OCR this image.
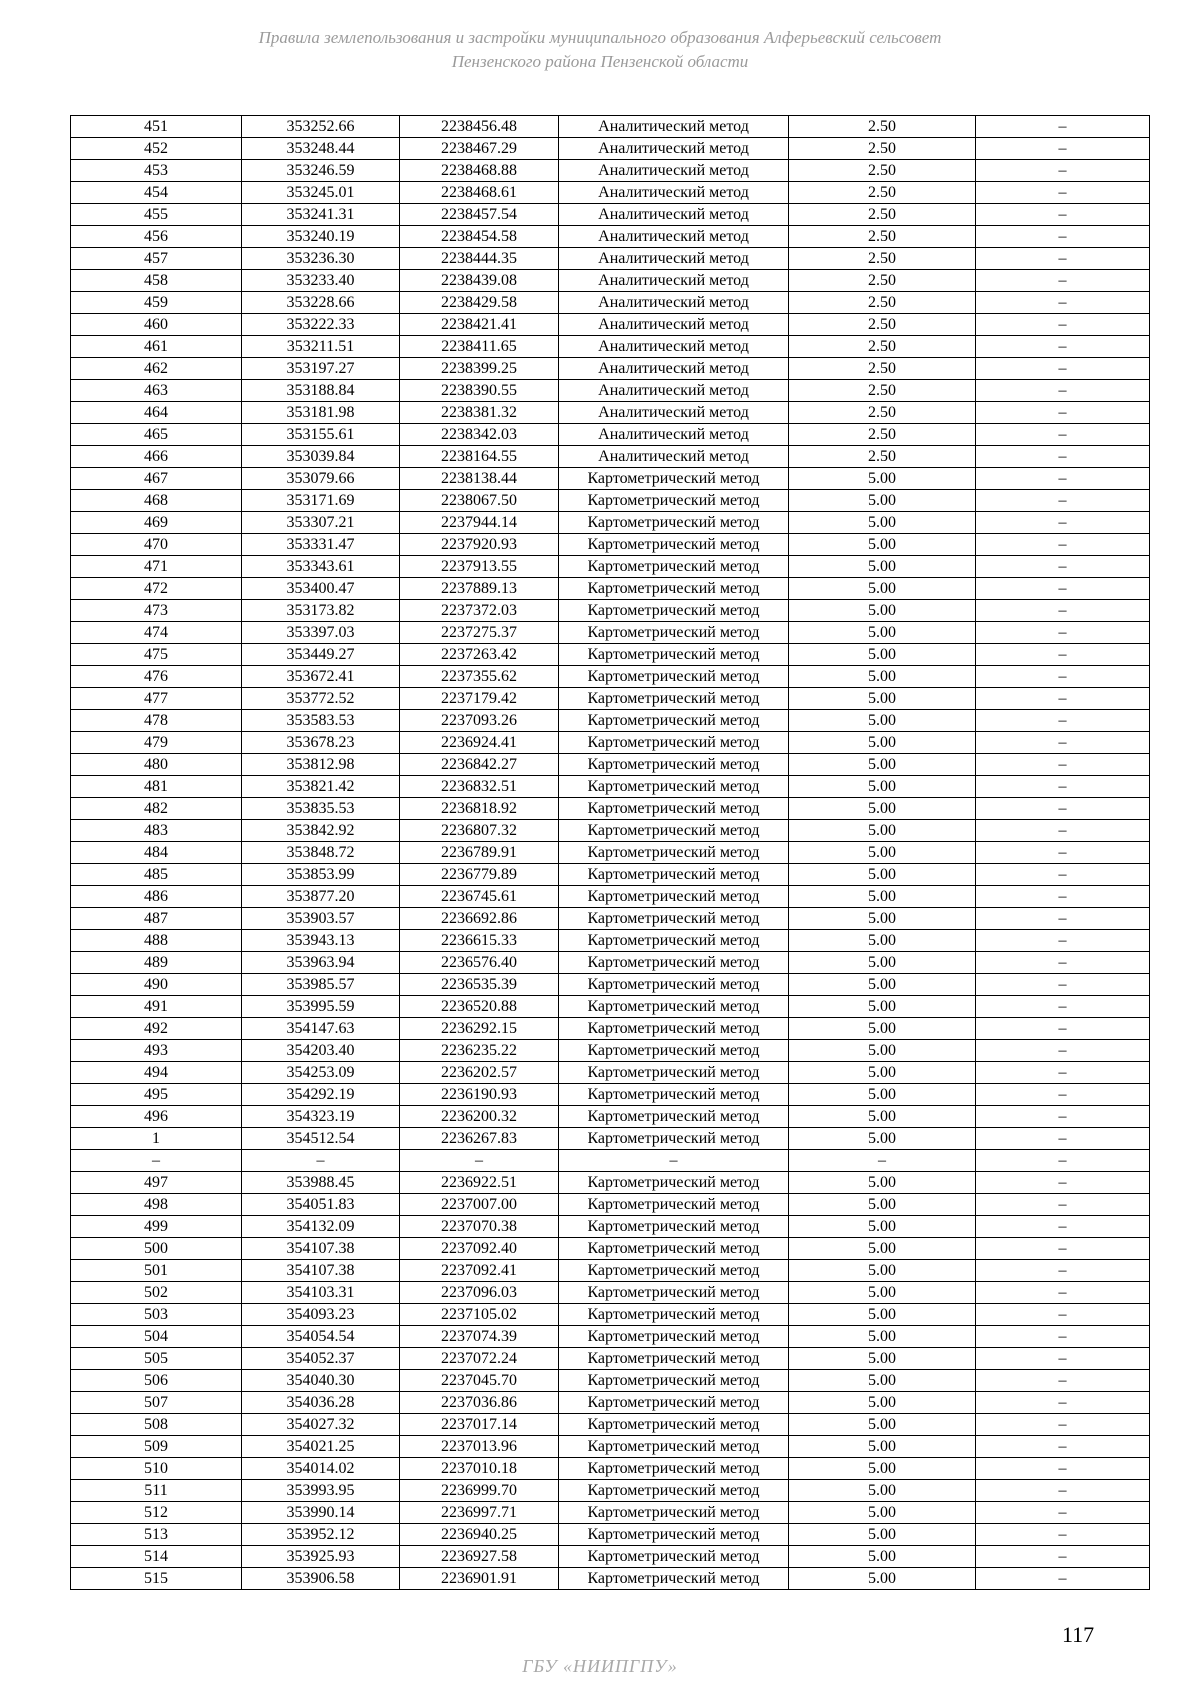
Правила землепользования и застройки муниципального образования Алферьевский сельсовет
Пензенского района Пензенской области
451	353252.66	2238456.48	Аналитический метод	2.50	–
452	353248.44	2238467.29	Аналитический метод	2.50	–
453	353246.59	2238468.88	Аналитический метод	2.50	–
454	353245.01	2238468.61	Аналитический метод	2.50	–
455	353241.31	2238457.54	Аналитический метод	2.50	–
456	353240.19	2238454.58	Аналитический метод	2.50	–
457	353236.30	2238444.35	Аналитический метод	2.50	–
458	353233.40	2238439.08	Аналитический метод	2.50	–
459	353228.66	2238429.58	Аналитический метод	2.50	–
460	353222.33	2238421.41	Аналитический метод	2.50	–
461	353211.51	2238411.65	Аналитический метод	2.50	–
462	353197.27	2238399.25	Аналитический метод	2.50	–
463	353188.84	2238390.55	Аналитический метод	2.50	–
464	353181.98	2238381.32	Аналитический метод	2.50	–
465	353155.61	2238342.03	Аналитический метод	2.50	–
466	353039.84	2238164.55	Аналитический метод	2.50	–
467	353079.66	2238138.44	Картометрический метод	5.00	–
468	353171.69	2238067.50	Картометрический метод	5.00	–
469	353307.21	2237944.14	Картометрический метод	5.00	–
470	353331.47	2237920.93	Картометрический метод	5.00	–
471	353343.61	2237913.55	Картометрический метод	5.00	–
472	353400.47	2237889.13	Картометрический метод	5.00	–
473	353173.82	2237372.03	Картометрический метод	5.00	–
474	353397.03	2237275.37	Картометрический метод	5.00	–
475	353449.27	2237263.42	Картометрический метод	5.00	–
476	353672.41	2237355.62	Картометрический метод	5.00	–
477	353772.52	2237179.42	Картометрический метод	5.00	–
478	353583.53	2237093.26	Картометрический метод	5.00	–
479	353678.23	2236924.41	Картометрический метод	5.00	–
480	353812.98	2236842.27	Картометрический метод	5.00	–
481	353821.42	2236832.51	Картометрический метод	5.00	–
482	353835.53	2236818.92	Картометрический метод	5.00	–
483	353842.92	2236807.32	Картометрический метод	5.00	–
484	353848.72	2236789.91	Картометрический метод	5.00	–
485	353853.99	2236779.89	Картометрический метод	5.00	–
486	353877.20	2236745.61	Картометрический метод	5.00	–
487	353903.57	2236692.86	Картометрический метод	5.00	–
488	353943.13	2236615.33	Картометрический метод	5.00	–
489	353963.94	2236576.40	Картометрический метод	5.00	–
490	353985.57	2236535.39	Картометрический метод	5.00	–
491	353995.59	2236520.88	Картометрический метод	5.00	–
492	354147.63	2236292.15	Картометрический метод	5.00	–
493	354203.40	2236235.22	Картометрический метод	5.00	–
494	354253.09	2236202.57	Картометрический метод	5.00	–
495	354292.19	2236190.93	Картометрический метод	5.00	–
496	354323.19	2236200.32	Картометрический метод	5.00	–
1	354512.54	2236267.83	Картометрический метод	5.00	–
–	–	–	–	–	–
497	353988.45	2236922.51	Картометрический метод	5.00	–
498	354051.83	2237007.00	Картометрический метод	5.00	–
499	354132.09	2237070.38	Картометрический метод	5.00	–
500	354107.38	2237092.40	Картометрический метод	5.00	–
501	354107.38	2237092.41	Картометрический метод	5.00	–
502	354103.31	2237096.03	Картометрический метод	5.00	–
503	354093.23	2237105.02	Картометрический метод	5.00	–
504	354054.54	2237074.39	Картометрический метод	5.00	–
505	354052.37	2237072.24	Картометрический метод	5.00	–
506	354040.30	2237045.70	Картометрический метод	5.00	–
507	354036.28	2237036.86	Картометрический метод	5.00	–
508	354027.32	2237017.14	Картометрический метод	5.00	–
509	354021.25	2237013.96	Картометрический метод	5.00	–
510	354014.02	2237010.18	Картометрический метод	5.00	–
511	353993.95	2236999.70	Картометрический метод	5.00	–
512	353990.14	2236997.71	Картометрический метод	5.00	–
513	353952.12	2236940.25	Картометрический метод	5.00	–
514	353925.93	2236927.58	Картометрический метод	5.00	–
515	353906.58	2236901.91	Картометрический метод	5.00	–
117
ГБУ «НИИПГПУ»
